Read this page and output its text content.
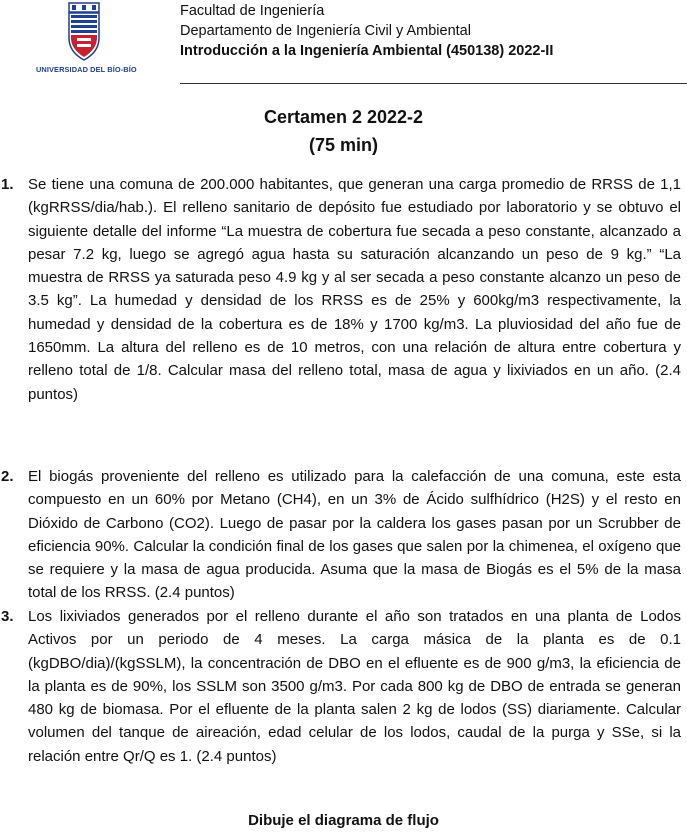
UNIVERSIDAD DEL BÍO-BÍO
Facultad de Ingeniería
Departamento de Ingeniería Civil y Ambiental
Introducción a la Ingeniería Ambiental (450138) 2022-II
Certamen 2 2022-2
(75 min)
1. Se tiene una comuna de 200.000 habitantes, que generan una carga promedio de RRSS de 1,1 (kgRRSS/dia/hab.). El relleno sanitario de depósito fue estudiado por laboratorio y se obtuvo el siguiente detalle del informe “La muestra de cobertura fue secada a peso constante, alcanzado a pesar 7.2 kg, luego se agregó agua hasta su saturación alcanzando un peso de 9 kg.” “La muestra de RRSS ya saturada peso 4.9 kg y al ser secada a peso constante alcanzo un peso de 3.5 kg”. La humedad y densidad de los RRSS es de 25% y 600kg/m3 respectivamente, la humedad y densidad de la cobertura es de 18% y 1700 kg/m3. La pluviosidad del año fue de 1650mm. La altura del relleno es de 10 metros, con una relación de altura entre cobertura y relleno total de 1/8. Calcular masa del relleno total, masa de agua y lixiviados en un año. (2.4 puntos)
2. El biogás proveniente del relleno es utilizado para la calefacción de una comuna, este esta compuesto en un 60% por Metano (CH4), en un 3% de Ácido sulfhídrico (H2S) y el resto en Dióxido de Carbono (CO2). Luego de pasar por la caldera los gases pasan por un Scrubber de eficiencia 90%. Calcular la condición final de los gases que salen por la chimenea, el oxígeno que se requiere y la masa de agua producida. Asuma que la masa de Biogás es el 5% de la masa total de los RRSS. (2.4 puntos)
3. Los lixiviados generados por el relleno durante el año son tratados en una planta de Lodos Activos por un periodo de 4 meses. La carga másica de la planta es de 0.1 (kgDBO/dia)/(kgSSLM), la concentración de DBO en el efluente es de 900 g/m3, la eficiencia de la planta es de 90%, los SSLM son 3500 g/m3. Por cada 800 kg de DBO de entrada se generan 480 kg de biomasa. Por el efluente de la planta salen 2 kg de lodos (SS) diariamente. Calcular volumen del tanque de aireación, edad celular de los lodos, caudal de la purga y SSe, si la relación entre Qr/Q es 1. (2.4 puntos)
Dibuje el diagrama de flujo
